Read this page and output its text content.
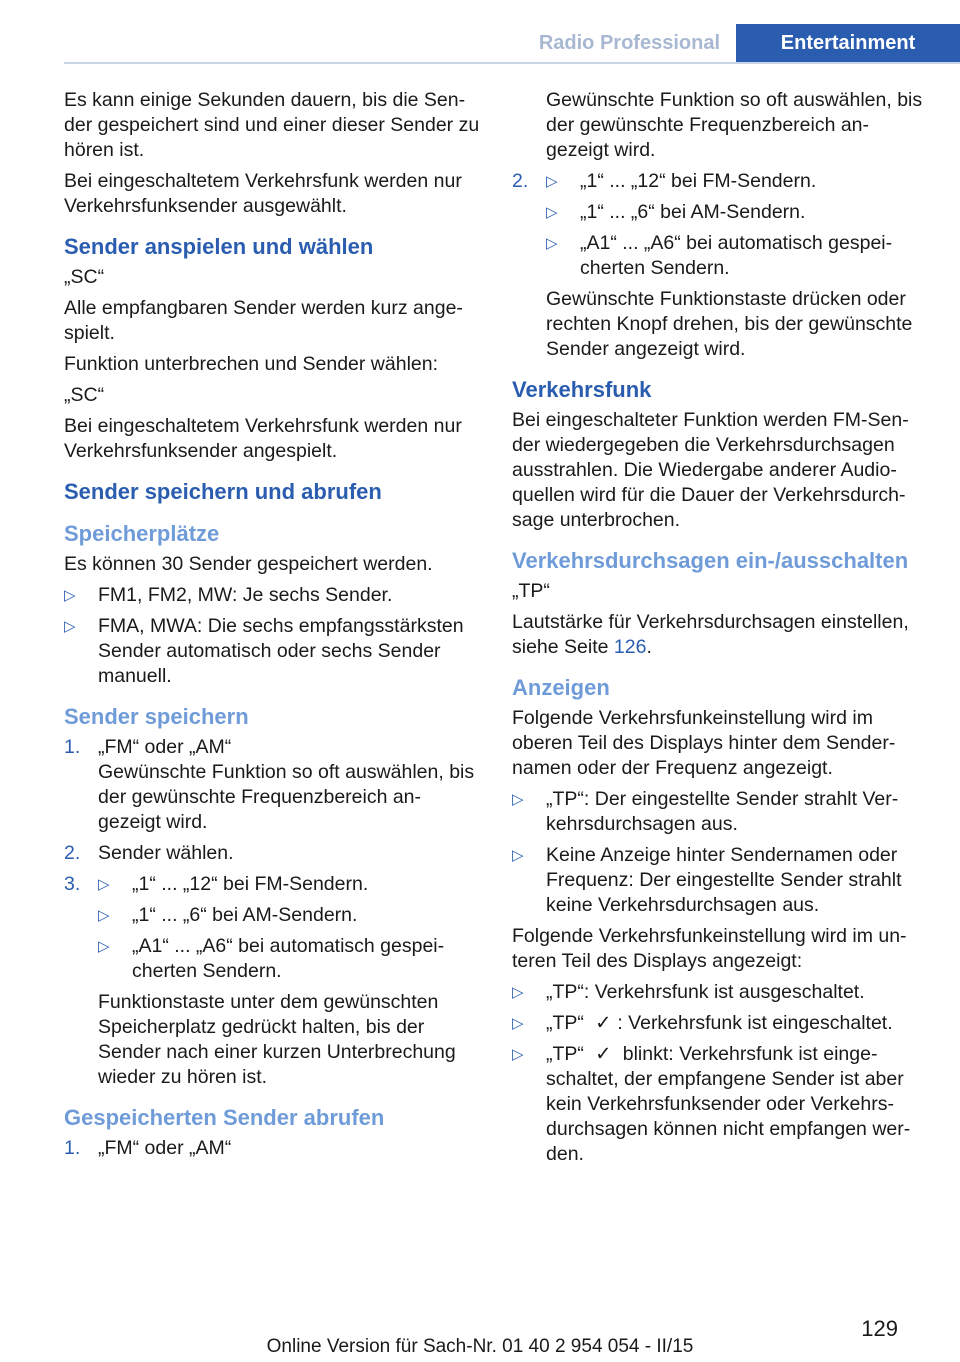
Radio Professional	Entertainment

Es kann einige Sekunden dauern, bis die Sen‐der gespeichert sind und einer dieser Sender zu hören ist.

Bei eingeschaltetem Verkehrsfunk werden nur Verkehrsfunksender ausgewählt.

Sender anspielen und wählen

„SC“

Alle empfangbaren Sender werden kurz ange‐spielt.

Funktion unterbrechen und Sender wählen:

„SC“

Bei eingeschaltetem Verkehrsfunk werden nur Verkehrsfunksender angespielt.

Sender speichern und abrufen
Speicherplätze

Es können 30 Sender gespeichert werden.

▷ FM1, FM2, MW: Je sechs Sender.
▷ FMA, MWA: Die sechs empfangsstärksten Sender automatisch oder sechs Sender manuell.
Sender speichern
1. „FM“ oder „AM“
Gewünschte Funktion so oft auswählen, bis der gewünschte Frequenzbereich an‐gezeigt wird.
2. Sender wählen.
3. ▷ „1“ ... „12“ bei FM-Sendern.
▷ „1“ ... „6“ bei AM-Sendern.
▷ „A1“ ... „A6“ bei automatisch gespei‐cherten Sendern.
Funktionstaste unter dem gewünschten Speicherplatz gedrückt halten, bis der Sender nach einer kurzen Unterbrechung wieder zu hören ist.
Gespeicherten Sender abrufen
1. „FM“ oder „AM“
Gewünschte Funktion so oft auswählen, bis der gewünschte Frequenzbereich an‐gezeigt wird.
2. ▷ „1“ ... „12“ bei FM-Sendern.
▷ „1“ ... „6“ bei AM-Sendern.
▷ „A1“ ... „A6“ bei automatisch gespei‐cherten Sendern.
Gewünschte Funktionstaste drücken oder rechten Knopf drehen, bis der gewünschte Sender angezeigt wird.
Verkehrsfunk

Bei eingeschalteter Funktion werden FM-Sen‐der wiedergegeben die Verkehrsdurchsagen ausstrahlen. Die Wiedergabe anderer Audio‐quellen wird für die Dauer der Verkehrsdurch‐sage unterbrochen.

Verkehrsdurchsagen ein-/ausschalten

„TP“

Lautstärke für Verkehrsdurchsagen einstellen, siehe Seite 126.

Anzeigen

Folgende Verkehrsfunkeinstellung wird im oberen Teil des Displays hinter dem Sender‐namen oder der Frequenz angezeigt.

▷ „TP“: Der eingestellte Sender strahlt Ver‐kehrsdurchsagen aus.
▷ Keine Anzeige hinter Sendernamen oder Frequenz: Der eingestellte Sender strahlt keine Verkehrsdurchsagen aus.

Folgende Verkehrsfunkeinstellung wird im un‐teren Teil des Displays angezeigt:

▷ „TP“: Verkehrsfunk ist ausgeschaltet.
▷ „TP“ ✓ : Verkehrsfunk ist eingeschaltet.
▷ „TP“ ✓ blinkt: Verkehrsfunk ist einge‐schaltet, der empfangene Sender ist aber kein Verkehrsfunksender oder Verkehrs‐durchsagen können nicht empfangen wer‐den.
129
Online Version für Sach-Nr. 01 40 2 954 054 - II/15
